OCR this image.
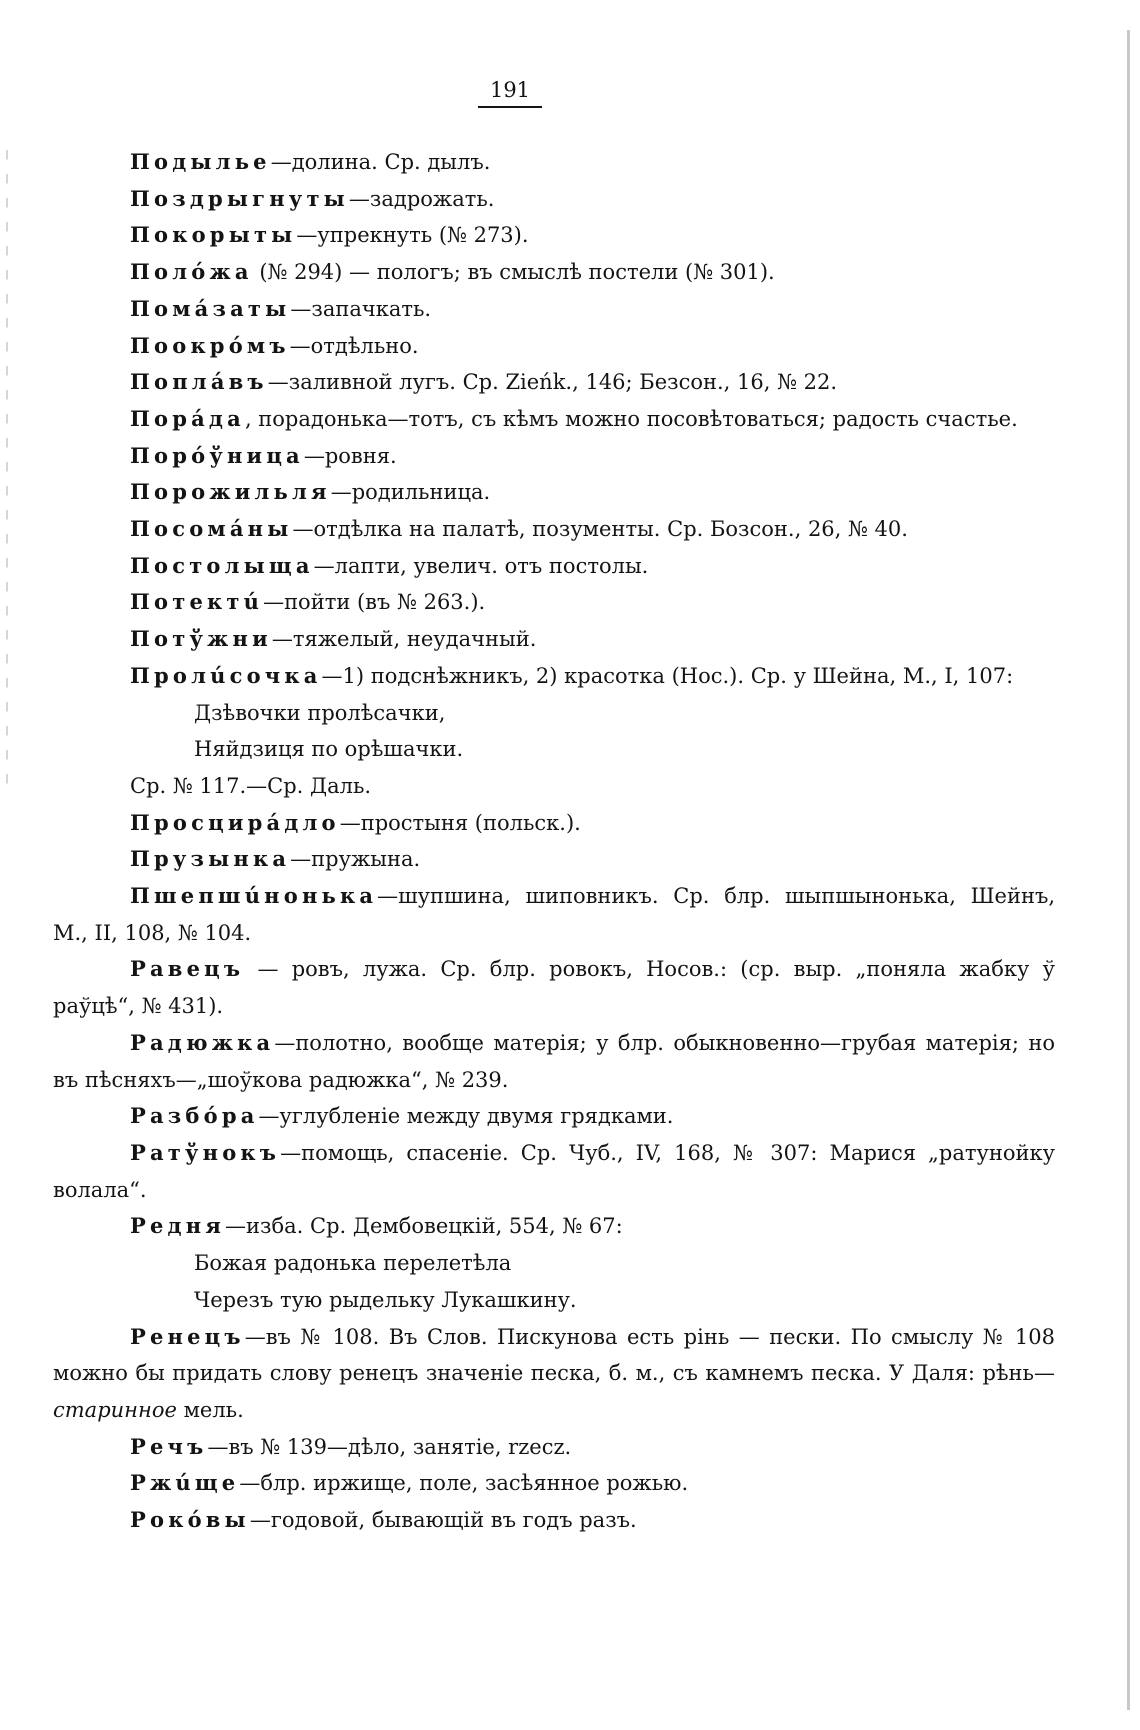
191

Подылье—долина. Ср. дылъ.

Поздрыгнуты—задрожать.

Покорыты—упрекнуть (№ 273).

Полóжа (№ 294) — пологъ; въ смыслѣ постели (№ 301).

Помáзаты—запачкать.

Поокрóмъ—отдѣльно.

Поплáвъ—заливной лугъ. Ср. Zieńk., 146; Безсон., 16, № 22.

Порáда, порадонька—тотъ, съ кѣмъ можно посовѣтоваться; радость счастье.

Порóўница—ровня.

Порожильля—родильница.

Посомáны—отдѣлка на палатѣ, позументы. Ср. Бозсон., 26, № 40.

Постолыща—лапти, увелич. отъ постолы.

Потектú—пойти (въ № 263.).

Потўжни—тяжелый, неудачный.

Пролúсочка—1) подснѣжникъ, 2) красотка (Нос.). Ср. у Шейна, М., I, 107:

Дзѣвочки пролѣсачки,
Няйдзиця по орѣшачки.

Ср. № 117.—Ср. Даль.

Просцирáдло—простыня (польск.).

Прузынка—пружына.

Пшепшúнонька—шупшина, шиповникъ. Ср. блр. шыпшынонька, Шейнъ, М., II, 108, № 104.

Равецъ — ровъ, лужа. Ср. блр. ровокъ, Носов.: (ср. выр. „поняла жабку ў раўцѣ“, № 431).

Радюжка—полотно, вообще матерія; у блр. обыкновенно—грубая матерія; но въ пѣсняхъ—„шоўкова радюжка“, № 239.

Разбóра—углубленіе между двумя грядками.

Ратўнокъ—помощь, спасеніе. Ср. Чуб., IV, 168, № 307: Марися „ратунойку волала“.

Редня—изба. Ср. Дембовецкій, 554, № 67:

Божая радонька перелетѣла
Черезъ тую рыдельку Лукашкину.

Ренецъ—въ № 108. Въ Слов. Пискунова есть рінь — пески. По смыслу № 108 можно бы придать слову ренецъ значеніе песка, б. м., съ камнемъ песка. У Даля: рѣнь—старинное мель.

Речъ—въ № 139—дѣло, занятіе, rzecz.

Ржúще—блр. иржище, поле, засѣянное рожью.

Рокóвы—годовой, бывающій въ годъ разъ.
